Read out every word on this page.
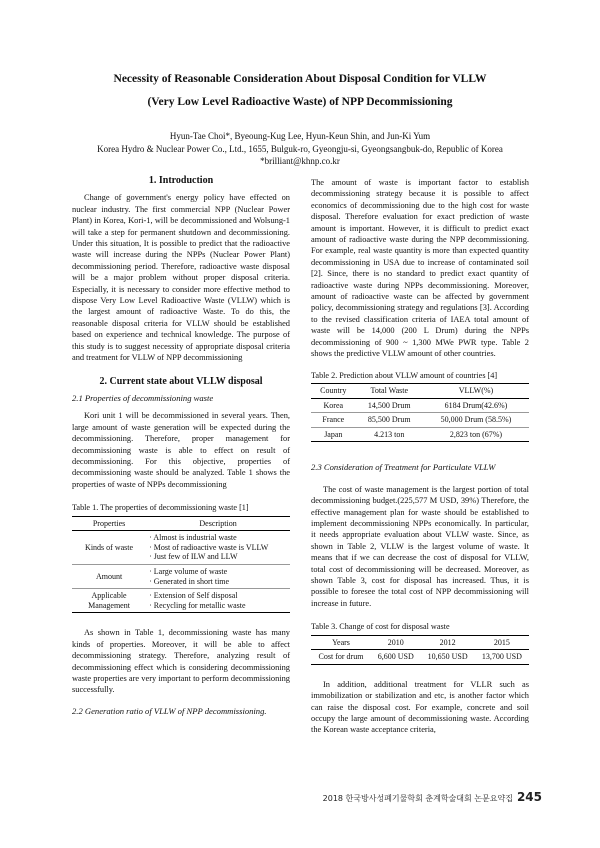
Necessity of Reasonable Consideration About Disposal Condition for VLLW
(Very Low Level Radioactive Waste) of NPP Decommissioning
Hyun-Tae Choi*, Byeoung-Kug Lee, Hyun-Keun Shin, and Jun-Ki Yum
Korea Hydro & Nuclear Power Co., Ltd., 1655, Bulguk-ro, Gyeongju-si, Gyeongsangbuk-do, Republic of Korea
*brilliant@khnp.co.kr
1. Introduction

Change of government's energy policy have effected on nuclear industry. The first commercial NPP (Nuclear Power Plant) in Korea, Kori-1, will be decommissioned and Wolsung-1 will take a step for permanent shutdown and decommissioning. Under this situation, It is possible to predict that the radioactive waste will increase during the NPPs (Nuclear Power Plant) decommissioning period. Therefore, radioactive waste disposal will be a major problem without proper disposal criteria. Especially, it is necessary to consider more effective method to dispose Very Low Level Radioactive Waste (VLLW) which is the largest amount of radioactive Waste. To do this, the reasonable disposal criteria for VLLW should be established based on experience and technical knowledge. The purpose of this study is to suggest necessity of appropriate disposal criteria and treatment for VLLW of NPP decommissioning

2. Current state about VLLW disposal
2.1 Properties of decommissioning waste

Kori unit 1 will be decommissioned in several years. Then, large amount of waste generation will be expected during the decommissioning. Therefore, proper management for decommissioning waste is able to effect on result of decommissioning. For this objective, properties of decommissioning waste should be analyzed. Table 1 shows the properties of waste of NPPs decommissioning

Table 1. The properties of decommissioning waste [1]
Properties	Description
Kinds of waste	· Almost is industrial waste
· Most of radioactive waste is VLLW
· Just few of ILW and LLW

Amount	· Large volume of waste
· Generated in short time

Applicable Management	· Extension of Self disposal
· Recycling for metallic waste

As shown in Table 1, decommissioning waste has many kinds of properties. Moreover, it will be able to affect decommissioning strategy. Therefore, analyzing result of decommissioning effect which is considering decommissioning waste properties are very important to perform decommissioning successfully.

2.2 Generation ratio of VLLW of NPP decommissioning.

The amount of waste is important factor to establish decommissioning strategy because it is possible to affect economics of decommissioning due to the high cost for waste disposal. Therefore evaluation for exact prediction of waste amount is important. However, it is difficult to predict exact amount of radioactive waste during the NPP decommissioning. For example, real waste quantity is more than expected quantity decommissioning in USA due to increase of contaminated soil [2]. Since, there is no standard to predict exact quantity of radioactive waste during NPPs decommissioning. Moreover, amount of radioactive waste can be affected by government policy, decommissioning strategy and regulations [3]. According to the revised classification criteria of IAEA total amount of waste will be 14,000 (200 L Drum) during the NPPs decommissioning of 900 ~ 1,300 MWe PWR type. Table 2 shows the predictive VLLW amount of other countries.

Table 2. Prediction about VLLW amount of countries [4]
Country	Total Waste	VLLW(%)
Korea	14,500 Drum	6184 Drum(42.6%)
France	85,500 Drum	50,000 Drum (58.5%)
Japan	4.213 ton	2,823 ton (67%)
2.3 Consideration of Treatment for Particulate VLLW

The cost of waste management is the largest portion of total decommissioning budget.(225,577 M USD, 39%) Therefore, the effective management plan for waste should be established to implement decommissioning NPPs economically. In particular, it needs appropriate evaluation about VLLW waste. Since, as shown in Table 2, VLLW is the largest volume of waste. It means that if we can decrease the cost of disposal for VLLW, total cost of decommissioning will be decreased. Moreover, as shown Table 3, cost for disposal has increased. Thus, it is possible to foresee the total cost of NPP decommissioning will increase in future.

Table 3. Change of cost for disposal waste
Years	2010	2012	2015
Cost for drum	6,600 USD	10,650 USD	13,700 USD

In addition, additional treatment for VLLR such as immobilization or stabilization and etc, is another factor which can raise the disposal cost. For example, concrete and soil occupy the large amount of decommissioning waste. According the Korean waste acceptance criteria,

2018 한국방사성폐기물학회 춘계학술대회 논문요약집 245
